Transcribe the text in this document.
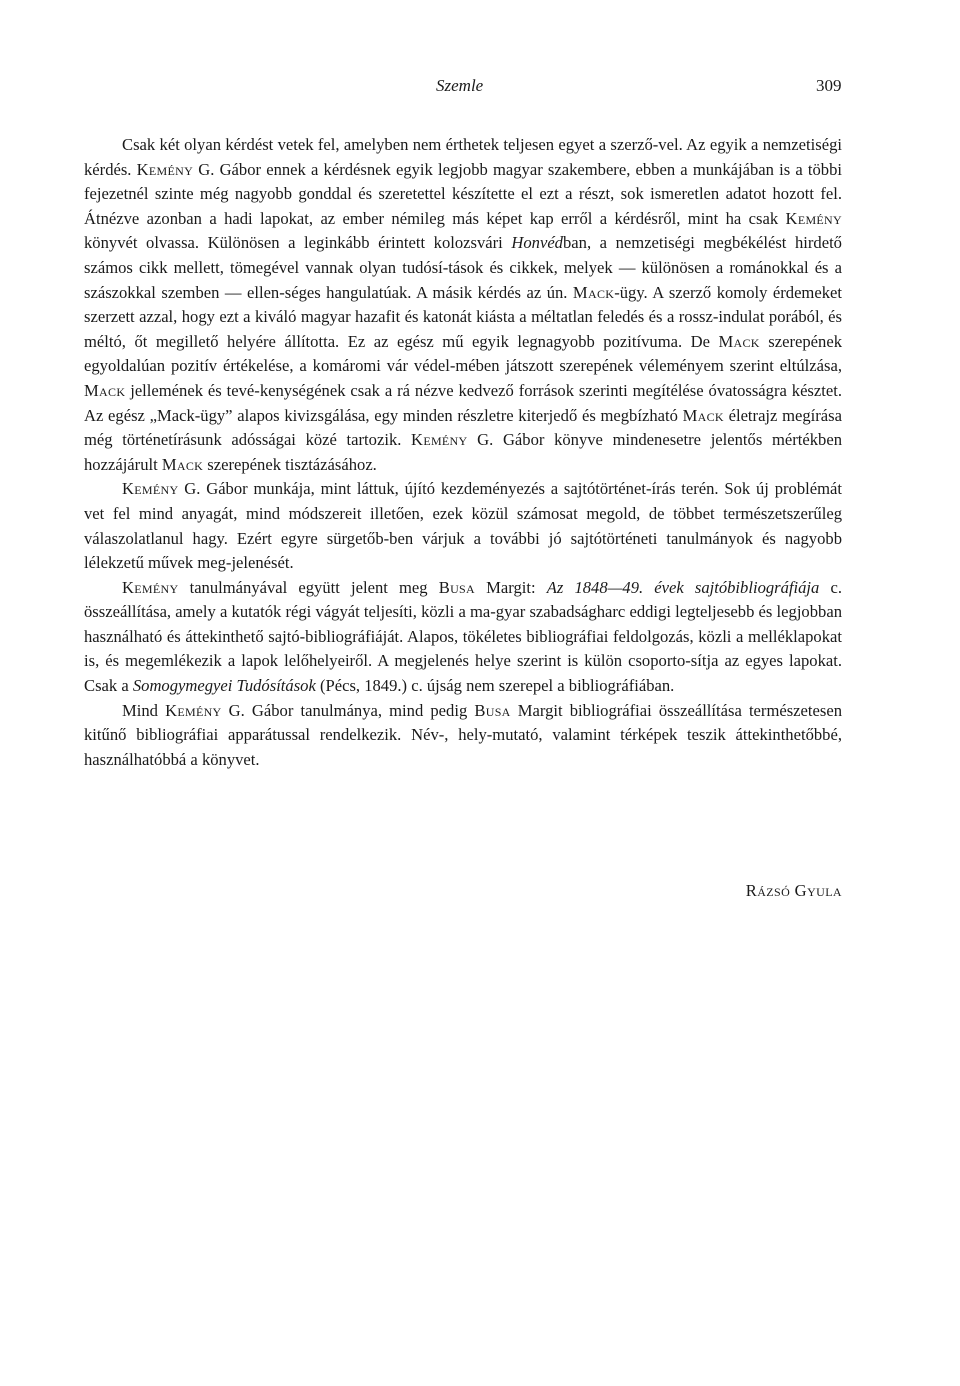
Szemle	309

Csak két olyan kérdést vetek fel, amelyben nem érthetek teljesen egyet a szerző-vel. Az egyik a nemzetiségi kérdés. Kemény G. Gábor ennek a kérdésnek egyik legjobb magyar szakembere, ebben a munkájában is a többi fejezetnél szinte még nagyobb gonddal és szeretettel készítette el ezt a részt, sok ismeretlen adatot hozott fel. Átnézve azonban a hadi lapokat, az ember némileg más képet kap erről a kérdésről, mint ha csak Kemény könyvét olvassa. Különösen a leginkább érintett kolozsvári Honvédban, a nemzetiségi megbékélést hirdető számos cikk mellett, tömegével vannak olyan tudósí-tások és cikkek, melyek — különösen a románokkal és a szászokkal szemben — ellen-séges hangulatúak. A másik kérdés az ún. Mack-ügy. A szerző komoly érdemeket szerzett azzal, hogy ezt a kiváló magyar hazafit és katonát kiásta a méltatlan feledés és a rossz-indulat porából, és méltó, őt megillető helyére állította. Ez az egész mű egyik legnagyobb pozitívuma. De Mack szerepének egyoldalúan pozitív értékelése, a komáromi vár védel-mében játszott szerepének véleményem szerint eltúlzása, Mack jellemének és tevé-kenységének csak a rá nézve kedvező források szerinti megítélése óvatosságra késztet. Az egész „Mack-ügy” alapos kivizsgálása, egy minden részletre kiterjedő és megbízható Mack életrajz megírása még történetírásunk adósságai közé tartozik. Kemény G. Gábor könyve mindenesetre jelentős mértékben hozzájárult Mack szerepének tisztázásához.

Kemény G. Gábor munkája, mint láttuk, újító kezdeményezés a sajtótörténet-írás terén. Sok új problémát vet fel mind anyagát, mind módszereit illetően, ezek közül számosat megold, de többet természetszerűleg válaszolatlanul hagy. Ezért egyre sürgetőb-ben várjuk a további jó sajtótörténeti tanulmányok és nagyobb lélekzetű művek meg-jelenését.

Kemény tanulmányával együtt jelent meg Busa Margit: Az 1848—49. évek sajtóbibliográfiája c. összeállítása, amely a kutatók régi vágyát teljesíti, közli a ma-gyar szabadságharc eddigi legteljesebb és legjobban használható és áttekinthető sajtó-bibliográfiáját. Alapos, tökéletes bibliográfiai feldolgozás, közli a melléklapokat is, és megemlékezik a lapok lelőhelyeiről. A megjelenés helye szerint is külön csoporto-sítja az egyes lapokat. Csak a Somogymegyei Tudósítások (Pécs, 1849.) c. újság nem szerepel a bibliográfiában.

Mind Kemény G. Gábor tanulmánya, mind pedig Busa Margit bibliográfiai összeállítása természetesen kitűnő bibliográfiai apparátussal rendelkezik. Név-, hely-mutató, valamint térképek teszik áttekinthetőbbé, használhatóbbá a könyvet.

Rázsó Gyula
